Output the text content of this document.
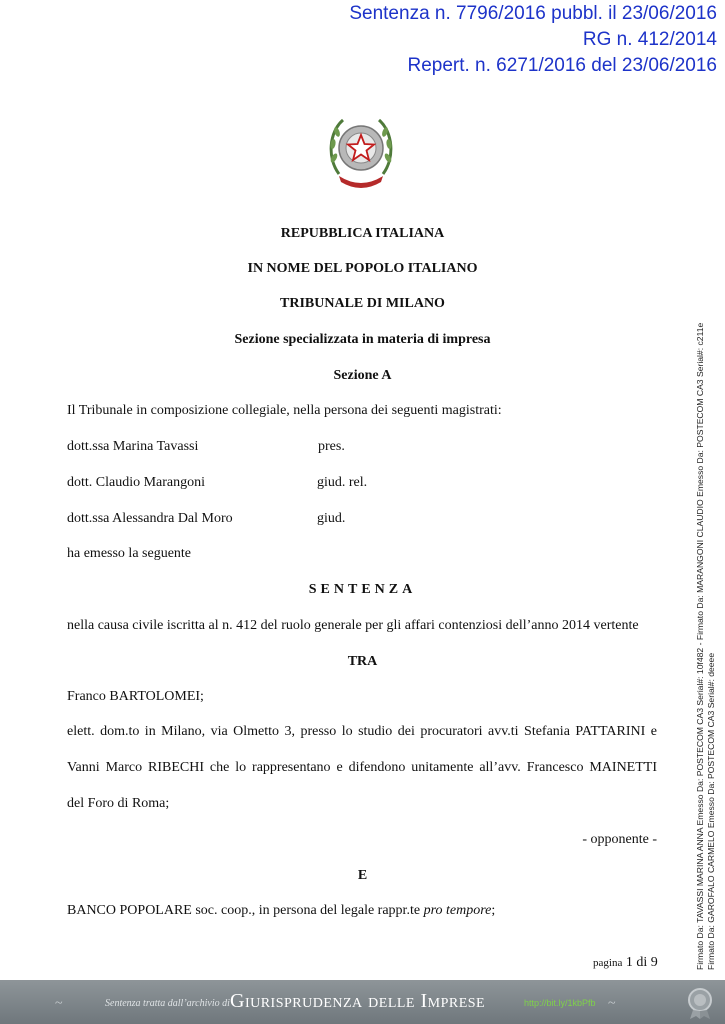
Sentenza n. 7796/2016 pubbl. il 23/06/2016
RG n. 412/2014
Repert. n. 6271/2016 del 23/06/2016
REPUBBLICA ITALIANA
IN NOME DEL POPOLO ITALIANO
TRIBUNALE DI MILANO
Sezione specializzata in materia di impresa
Sezione A
Il Tribunale in composizione collegiale, nella persona dei seguenti magistrati:
dott.ssa Marina Tavassi	pres.
dott. Claudio Marangoni	giud. rel.
dott.ssa Alessandra Dal Moro	giud.
ha emesso la seguente
SENTENZA
nella causa civile iscritta al n. 412 del ruolo generale per gli affari contenziosi dell’anno 2014 vertente
TRA
Franco BARTOLOMEI;
elett. dom.to in Milano, via Olmetto 3, presso lo studio dei procuratori avv.ti Stefania PATTARINI e
Vanni Marco RIBECHI che lo rappresentano e difendono unitamente all’avv. Francesco MAINETTI
del Foro di Roma;
- opponente -
E
BANCO POPOLARE soc. coop., in persona del legale rappr.te pro tempore;
pagina 1 di 9	Firmato Da: TAVASSI MARINA ANNA Emesso Da: POSTECOM CA3 Serial#: 10f482 - Firmato Da: MARANGONI CLAUDIO Emesso Da: POSTECOM CA3 Serial#: c211e Firmato Da: GAROFALO CARMELO Emesso Da: POSTECOM CA3 Serial#: deeee
~	Sentenza tratta dall’archivio di Giurisprudenza delle Imprese	http://bit.ly/1kbPfb ~
